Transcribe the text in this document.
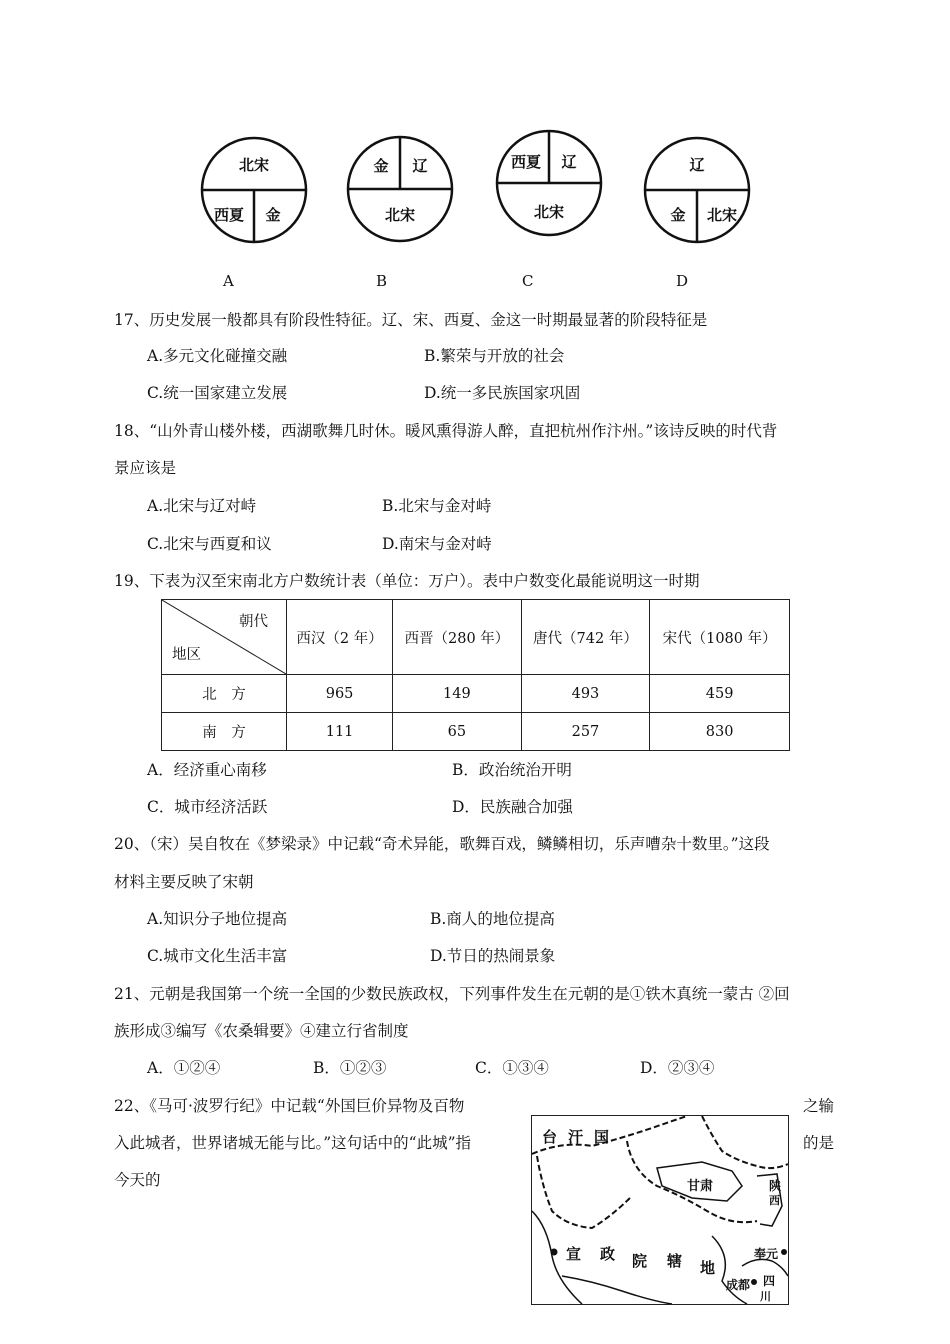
北宋
西夏 金
金 辽
北宋
西夏 辽
北宋
辽
金 北宋
A	B	C	D
17、历史发展一般都具有阶段性特征。辽、宋、西夏、金这一时期最显著的阶段特征是
A.多元文化碰撞交融	B.繁荣与开放的社会
C.统一国家建立发展	D.统一多民族国家巩固
18、“山外青山楼外楼，西湖歌舞几时休。暖风熏得游人醉，直把杭州作汴州。”该诗反映的时代背
景应该是
A.北宋与辽对峙	B.北宋与金对峙
C.北宋与西夏和议	D.南宋与金对峙
19、下表为汉至宋南北方户数统计表（单位：万户）。表中户数变化最能说明这一时期
朝代
地区	西汉（2 年）	西晋（280 年）	唐代（742 年）	宋代（1080 年）
北　方	965	149	493	459
南　方	111	65	257	830
A．经济重心南移	B．政治统治开明
C．城市经济活跃	D．民族融合加强
20、（宋）吴自牧在《梦梁录》中记载“奇术异能，歌舞百戏，鳞鳞相切，乐声嘈杂十数里。”这段
材料主要反映了宋朝
A.知识分子地位提高	B.商人的地位提高
C.城市文化生活丰富	D.节日的热闹景象
21、元朝是我国第一个统一全国的少数民族政权，下列事件发生在元朝的是①铁木真统一蒙古 ②回
族形成③编写《农桑辑要》④建立行省制度
A．①②④	B．①②③	C．①③④	D．②③④
22、《马可·波罗行纪》中记载“外国巨价异物及百物	之输
入此城者，世界诸城无能与比。”这句话中的“此城”指	的是
今天的
台 汗 国
甘肃	陕
西
宣 政 院 辖 地
奉元
成都 四
川
